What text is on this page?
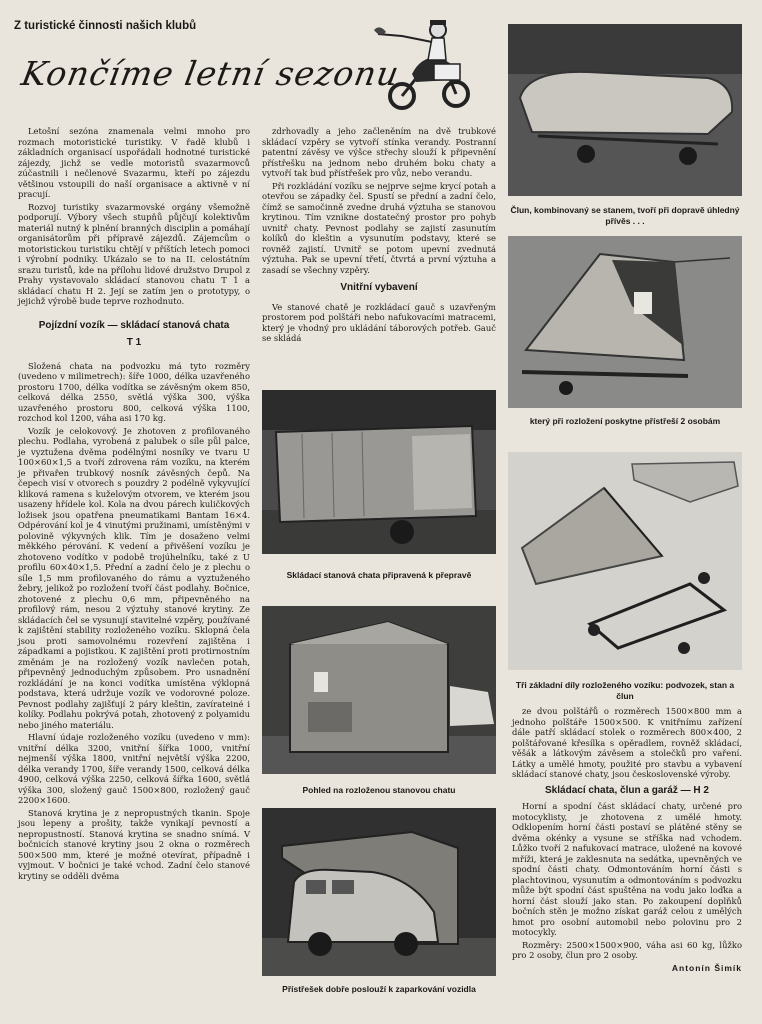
Z turistické činnosti našich klubů
Končíme letní sezonu

Letošní sezóna znamenala velmi mnoho pro rozmach motoristické turistiky. V řadě klubů i základních organisací uspořádali hodnotné turistické zájezdy, jichž se vedle motoristů svazarmovců zúčastnili i nečlenové Svazarmu, kteří po zájezdu většinou vstoupili do naší organisace a aktivně v ní pracují.

Rozvoj turistiky svazarmovské orgány všemožně podporují. Výbory všech stupňů půjčují kolektivům materiál nutný k plnění branných disciplin a pomáhají organisátorům při přípravě zájezdů. Zájemcům o motoristickou turistiku chtějí v příštích letech pomoci i výrobní podniky. Ukázalo se to na II. celostátním srazu turistů, kde na přílohu lidové družstvo Drupol z Prahy vystavovalo skládací stanovou chatu T 1 a skládací chatu H 2. Její se zatím jen o prototypy, o jejichž výrobě bude teprve rozhodnuto.

Pojízdní vozík — skládací stanová chata T 1

Složená chata na podvozku má tyto rozměry (uvedeno v milimetrech): šíře 1000, délka uzavřeného prostoru 1700, délka vodítka se závěsným okem 850, celková délka 2550, světlá výška 300, výška uzavřeného prostoru 800, celková výška 1100, rozchod kol 1200, váha asi 170 kg.

Vozík je celokovový. Je zhotoven z profilovaného plechu. Podlaha, vyrobená z palubek o síle půl palce, je vyztužena dvěma podélnými nosníky ve tvaru U 100×60×1,5 a tvoří zdrovena rám vozíku, na kterém je přivařen trubkový nosník závěsných čepů. Na čepech visí v otvorech s pouzdry 2 podélně vykyvující kliková ramena s kuželovým otvorem, ve kterém jsou usazeny hřídele kol. Kola na dvou párech kuličkových ložisek jsou opatřena pneumatikami Bantam 16×4. Odpérování kol je 4 vinutými pružinami, umístěnými v polovině výkyvných klik. Tím je dosaženo velmi měkkého pérování. K vedení a přivěšení vozíku je zhotoveno vodítko v podobě trojúhelníku, také z U profilu 60×40×1,5. Přední a zadní čelo je z plechu o síle 1,5 mm profilovaného do rámu a vyztuženého žebry, jelikož po rozložení tvoří část podlahy. Bočnice, zhotovené z plechu 0,6 mm, připevněného na profilový rám, nesou 2 výztuhy stanové krytiny. Ze skládacích čel se vysunují stavitelné vzpěry, používané k zajištění stability rozloženého vozíku. Sklopná čela jsou proti samovolnému rozevření zajištěna i západkami a pojistkou. K zajištění proti protirnostním změnám je na rozložený vozík navlečen potah, připevněný jednoduchým způsobem. Pro usnadnění rozkládání je na konci vodítka umístěna výklopná podstava, která udržuje vozík ve vodorovné poloze. Pevnost podlahy zajišťují 2 páry kleštin, zavírateiné i kolíky. Podlahu pokrývá potah, zhotovený z polyamidu nebo jiného materiálu.

Hlavní údaje rozloženého vozíku (uvedeno v mm): vnitřní délka 3200, vnitřní šířka 1000, vnitřní nejmenší výška 1800, vnitřní největší výška 2200, délka verandy 1700, šíře verandy 1500, celková délka 4900, celková výška 2250, celková šířka 1600, světlá výška 300, složený gauč 1500×800, rozložený gauč 2200×1600.

Stanová krytina je z nepropustných tkanin. Spoje jsou lepeny a prošity, takže vynikají pevností a nepropustností. Stanová krytina se snadno snímá. V bočnicích stanové krytiny jsou 2 okna o rozměrech 500×500 mm, které je možné otevírat, případně i vyjmout. V bočnici je také vchod. Zadní čelo stanové krytiny se odděli dvěma

zdrhovadly a jeho začleněním na dvě trubkové skládací vzpěry se vytvoří stínka verandy. Postranní patentní závěsy ve výšce střechy slouží k připevnění přístřešku na jednom nebo druhém boku chaty a vytvoří tak bud přístřešek pro vůz, nebo verandu.

Při rozkládání vozíku se nejprve sejme krycí potah a otevřou se západky čel. Spustí se přední a zadní čelo, čímž se samočinně zvedne druhá výztuha se stanovou krytinou. Tím vznikne dostatečný prostor pro pohyb uvnitř chaty. Pevnost podlahy se zajistí zasunutím kolíků do kleštin a vysunutím podstavy, které se rovněž zajistí. Uvnitř se potom upevní zvednutá výztuha. Pak se upevní třetí, čtvrtá a první výztuha a zasadí se všechny vzpěry.

Vnitřní vybavení

Ve stanové chatě je rozkládací gauč s uzavřeným prostorem pod polštáři nebo nafukovacími matracemi, který je vhodný pro ukládání táborových potřeb. Gauč se skládá

Skládací stanová chata připravená k přepravě
Pohled na rozloženou stanovou chatu
Přístřešek dobře poslouží k zaparkování vozidla
Člun, kombinovaný se stanem, tvoří při dopravě úhledný přívěs . . .
který při rozložení poskytne přístřeší 2 osobám
Tři základní díly rozloženého vozíku: podvozek, stan a člun

ze dvou polštářů o rozměrech 1500×800 mm a jednoho polštáře 1500×500. K vnitřnímu zařízení dále patří skládací stolek o rozměrech 800×400, 2 polštářované křesílka s opěradlem, rovněž skládací, věšák a látkovým závěsem a stolečků pro vaření. Látky a umělé hmoty, použité pro stavbu a vybavení skládací stanové chaty, jsou československé výroby.

Skládací chata, člun a garáž — H 2

Horní a spodní část skládací chaty, určené pro motocyklisty, je zhotovena z umělé hmoty. Odklopením horní části postaví se plátěné stěny se dvěma okénky a vysune se stříška nad vchodem. Lůžko tvoří 2 nafukovací matrace, uložené na kovové mříži, která je zaklesnuta na sedátka, upevněných ve spodní části chaty. Odmontováním horní části s plachtovinou, vysunutím a odmontováním s podvozku může být spodní část spuštěna na vodu jako loďka a horní část slouží jako stan. Po zakoupení doplňků bočních stěn je možno získat garáž celou z umělých hmot pro osobní automobil nebo polovinu pro 2 motocykly.

Rozměry: 2500×1500×900, váha asi 60 kg, lůžko pro 2 osoby, člun pro 2 osoby.

Antonín Šimík
